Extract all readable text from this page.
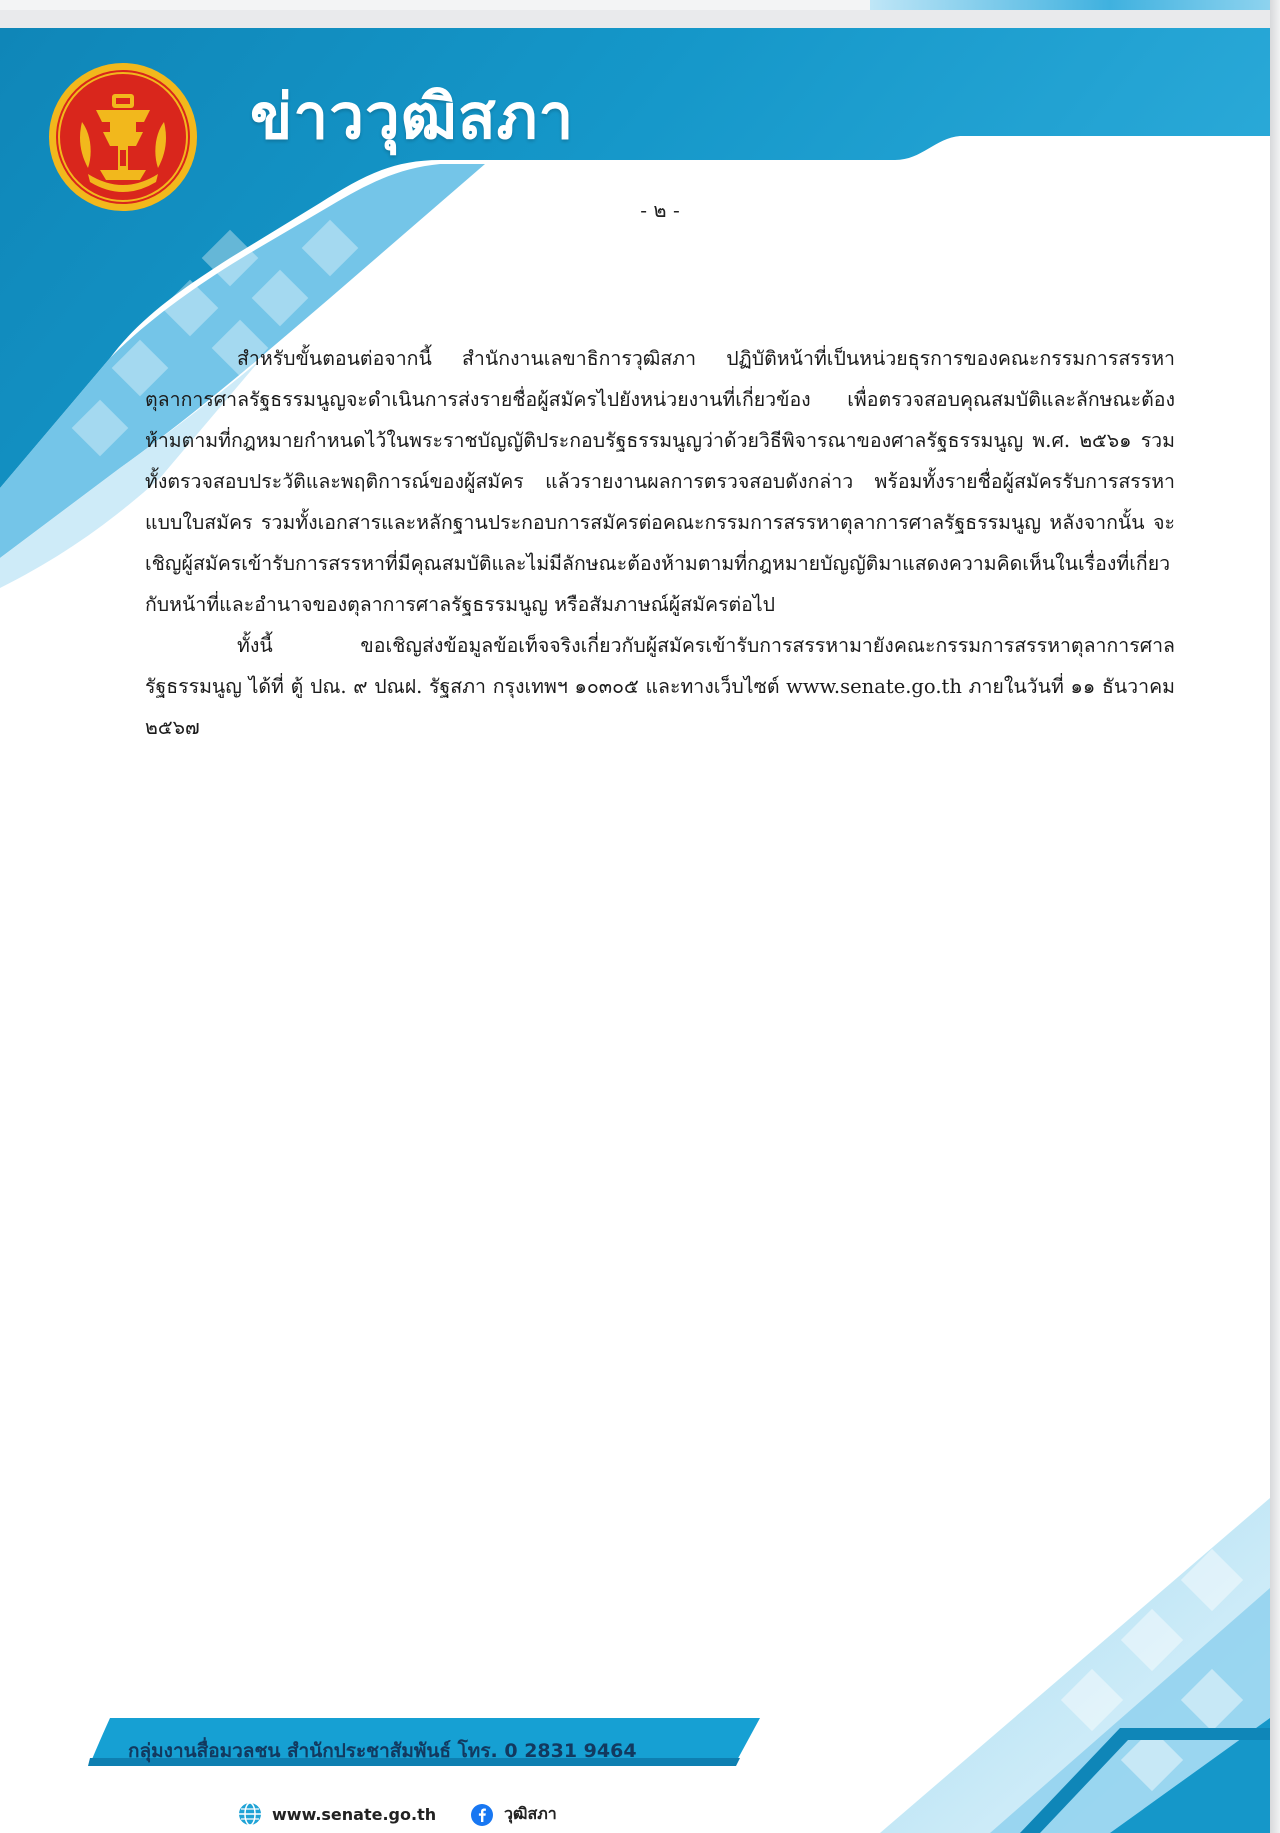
ข่าววุฒิสภา
- ๒ -

สำหรับขั้นตอนต่อจากนี้ สำนักงานเลขาธิการวุฒิสภา ปฏิบัติหน้าที่เป็นหน่วยธุรการของคณะกรรมการสรรหาตุลาการศาลรัฐธรรมนูญจะดำเนินการส่งรายชื่อผู้สมัครไปยังหน่วยงานที่เกี่ยวข้อง เพื่อตรวจสอบคุณสมบัติและลักษณะต้องห้ามตามที่กฎหมายกำหนดไว้ในพระราชบัญญัติประกอบรัฐธรรมนูญว่าด้วยวิธีพิจารณาของศาลรัฐธรรมนูญ พ.ศ. ๒๕๖๑ รวมทั้งตรวจสอบประวัติและพฤติการณ์ของผู้สมัคร แล้วรายงานผลการตรวจสอบดังกล่าว พร้อมทั้งรายชื่อผู้สมัครรับการสรรหา แบบใบสมัคร รวมทั้งเอกสารและหลักฐานประกอบการสมัครต่อคณะกรรมการสรรหาตุลาการศาลรัฐธรรมนูญ หลังจากนั้น จะเชิญผู้สมัครเข้ารับการสรรหาที่มีคุณสมบัติและไม่มีลักษณะต้องห้ามตามที่กฎหมายบัญญัติมาแสดงความคิดเห็นในเรื่องที่เกี่ยวกับหน้าที่และอำนาจของตุลาการศาลรัฐธรรมนูญ หรือสัมภาษณ์ผู้สมัครต่อไป

ทั้งนี้ ขอเชิญส่งข้อมูลข้อเท็จจริงเกี่ยวกับผู้สมัครเข้ารับการสรรหามายังคณะกรรมการสรรหาตุลาการศาลรัฐธรรมนูญ ได้ที่ ตู้ ปณ. ๙ ปณฝ. รัฐสภา กรุงเทพฯ ๑๐๓๐๕ และทางเว็บไซต์ www.senate.go.th ภายในวันที่ ๑๑ ธันวาคม ๒๕๖๗

กลุ่มงานสื่อมวลชน สำนักประชาสัมพันธ์ โทร. 0 2831 9464
www.senate.go.th	วุฒิสภา
